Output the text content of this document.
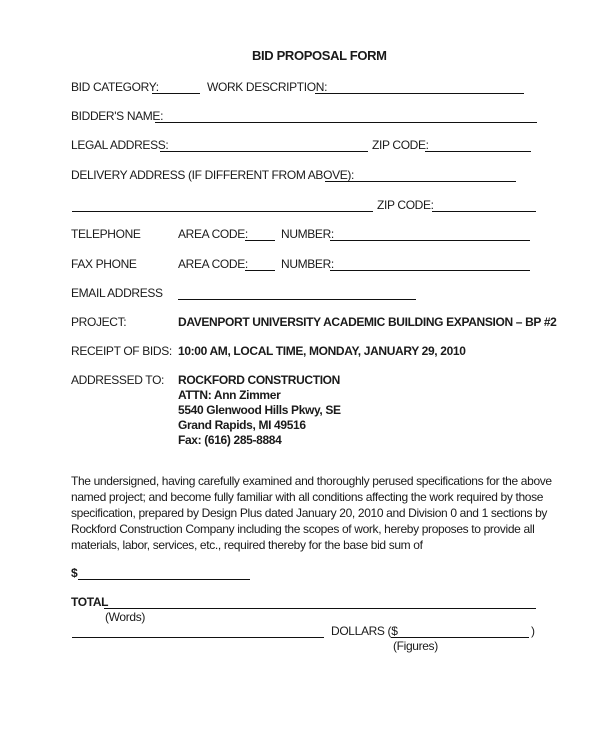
BID PROPOSAL FORM
BID CATEGORY:	WORK DESCRIPTION:
BIDDER'S NAME:
LEGAL ADDRESS:	ZIP CODE:
DELIVERY ADDRESS (IF DIFFERENT FROM ABOVE):
ZIP CODE:
TELEPHONE	AREA CODE:	NUMBER:
FAX PHONE	AREA CODE:	NUMBER:
EMAIL ADDRESS
PROJECT:	DAVENPORT UNIVERSITY ACADEMIC BUILDING EXPANSION – BP #2
RECEIPT OF BIDS: 10:00 AM, LOCAL TIME, MONDAY, JANUARY 29, 2010
ADDRESSED TO: ROCKFORD CONSTRUCTION
ATTN: Ann Zimmer
5540 Glenwood Hills Pkwy, SE
Grand Rapids, MI 49516
Fax: (616) 285-8884
The undersigned, having carefully examined and thoroughly perused specifications for the above named project; and become fully familiar with all conditions affecting the work required by those specification, prepared by Design Plus dated January 20, 2010 and Division 0 and 1 sections by Rockford Construction Company including the scopes of work, hereby proposes to provide all materials, labor, services, etc., required thereby for the base bid sum of
$
TOTAL
(Words)
DOLLARS ($	)
(Figures)
